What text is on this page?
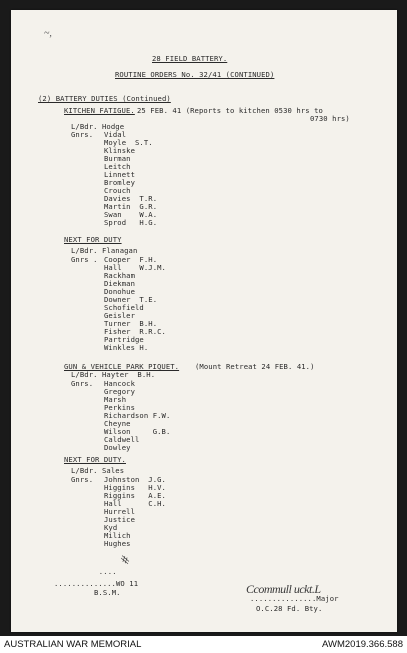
~,
28 FIELD BATTERY.
ROUTINE ORDERS No. 32/41 (CONTINUED)
(2) BATTERY DUTIES (Continued)
KITCHEN FATIGUE. 25 FEB. 41 (Reports to kitchen 0530 hrs to
0730 hrs)
L/Bdr. Hodge
Gnrs. Vidal
Moyle  S.T.
Klinske
Burman
Leitch
Linnett
Bromley
Crouch
Davies  T.R.
Martin  G.R.
Swan    W.A.
Sprod   H.G.
NEXT FOR DUTY
L/Bdr. Flanagan
Gnrs . Cooper  F.H.
Hall    W.J.M.
Rackham
Diekman
Donohue
Downer  T.E.
Schofield
Geisler
Turner  B.H.
Fisher  R.R.C.
Partridge
Winkles H.
GUN & VEHICLE PARK PIQUET. (Mount Retreat 24 FEB. 41.)
L/Bdr. Hayter  B.H.
Gnrs. Hancock
Gregory
Marsh
Perkins
Richardson F.W.
Cheyne
Wilson     G.B.
Caldwell
Dowley
NEXT FOR DUTY.
L/Bdr. Sales
Gnrs. Johnston  J.G.
Higgins   H.V.
Riggins   A.E.
Hall      C.H.
Hurrell
Justice
Kyd
Milich
Hughes
#
. . . .
..............WO 11
B.S.M.	Ccommull uckt.L
...............Major
O.C.28 Fd. Bty.
AUSTRALIAN WAR MEMORIAL	AWM2019.366.588
